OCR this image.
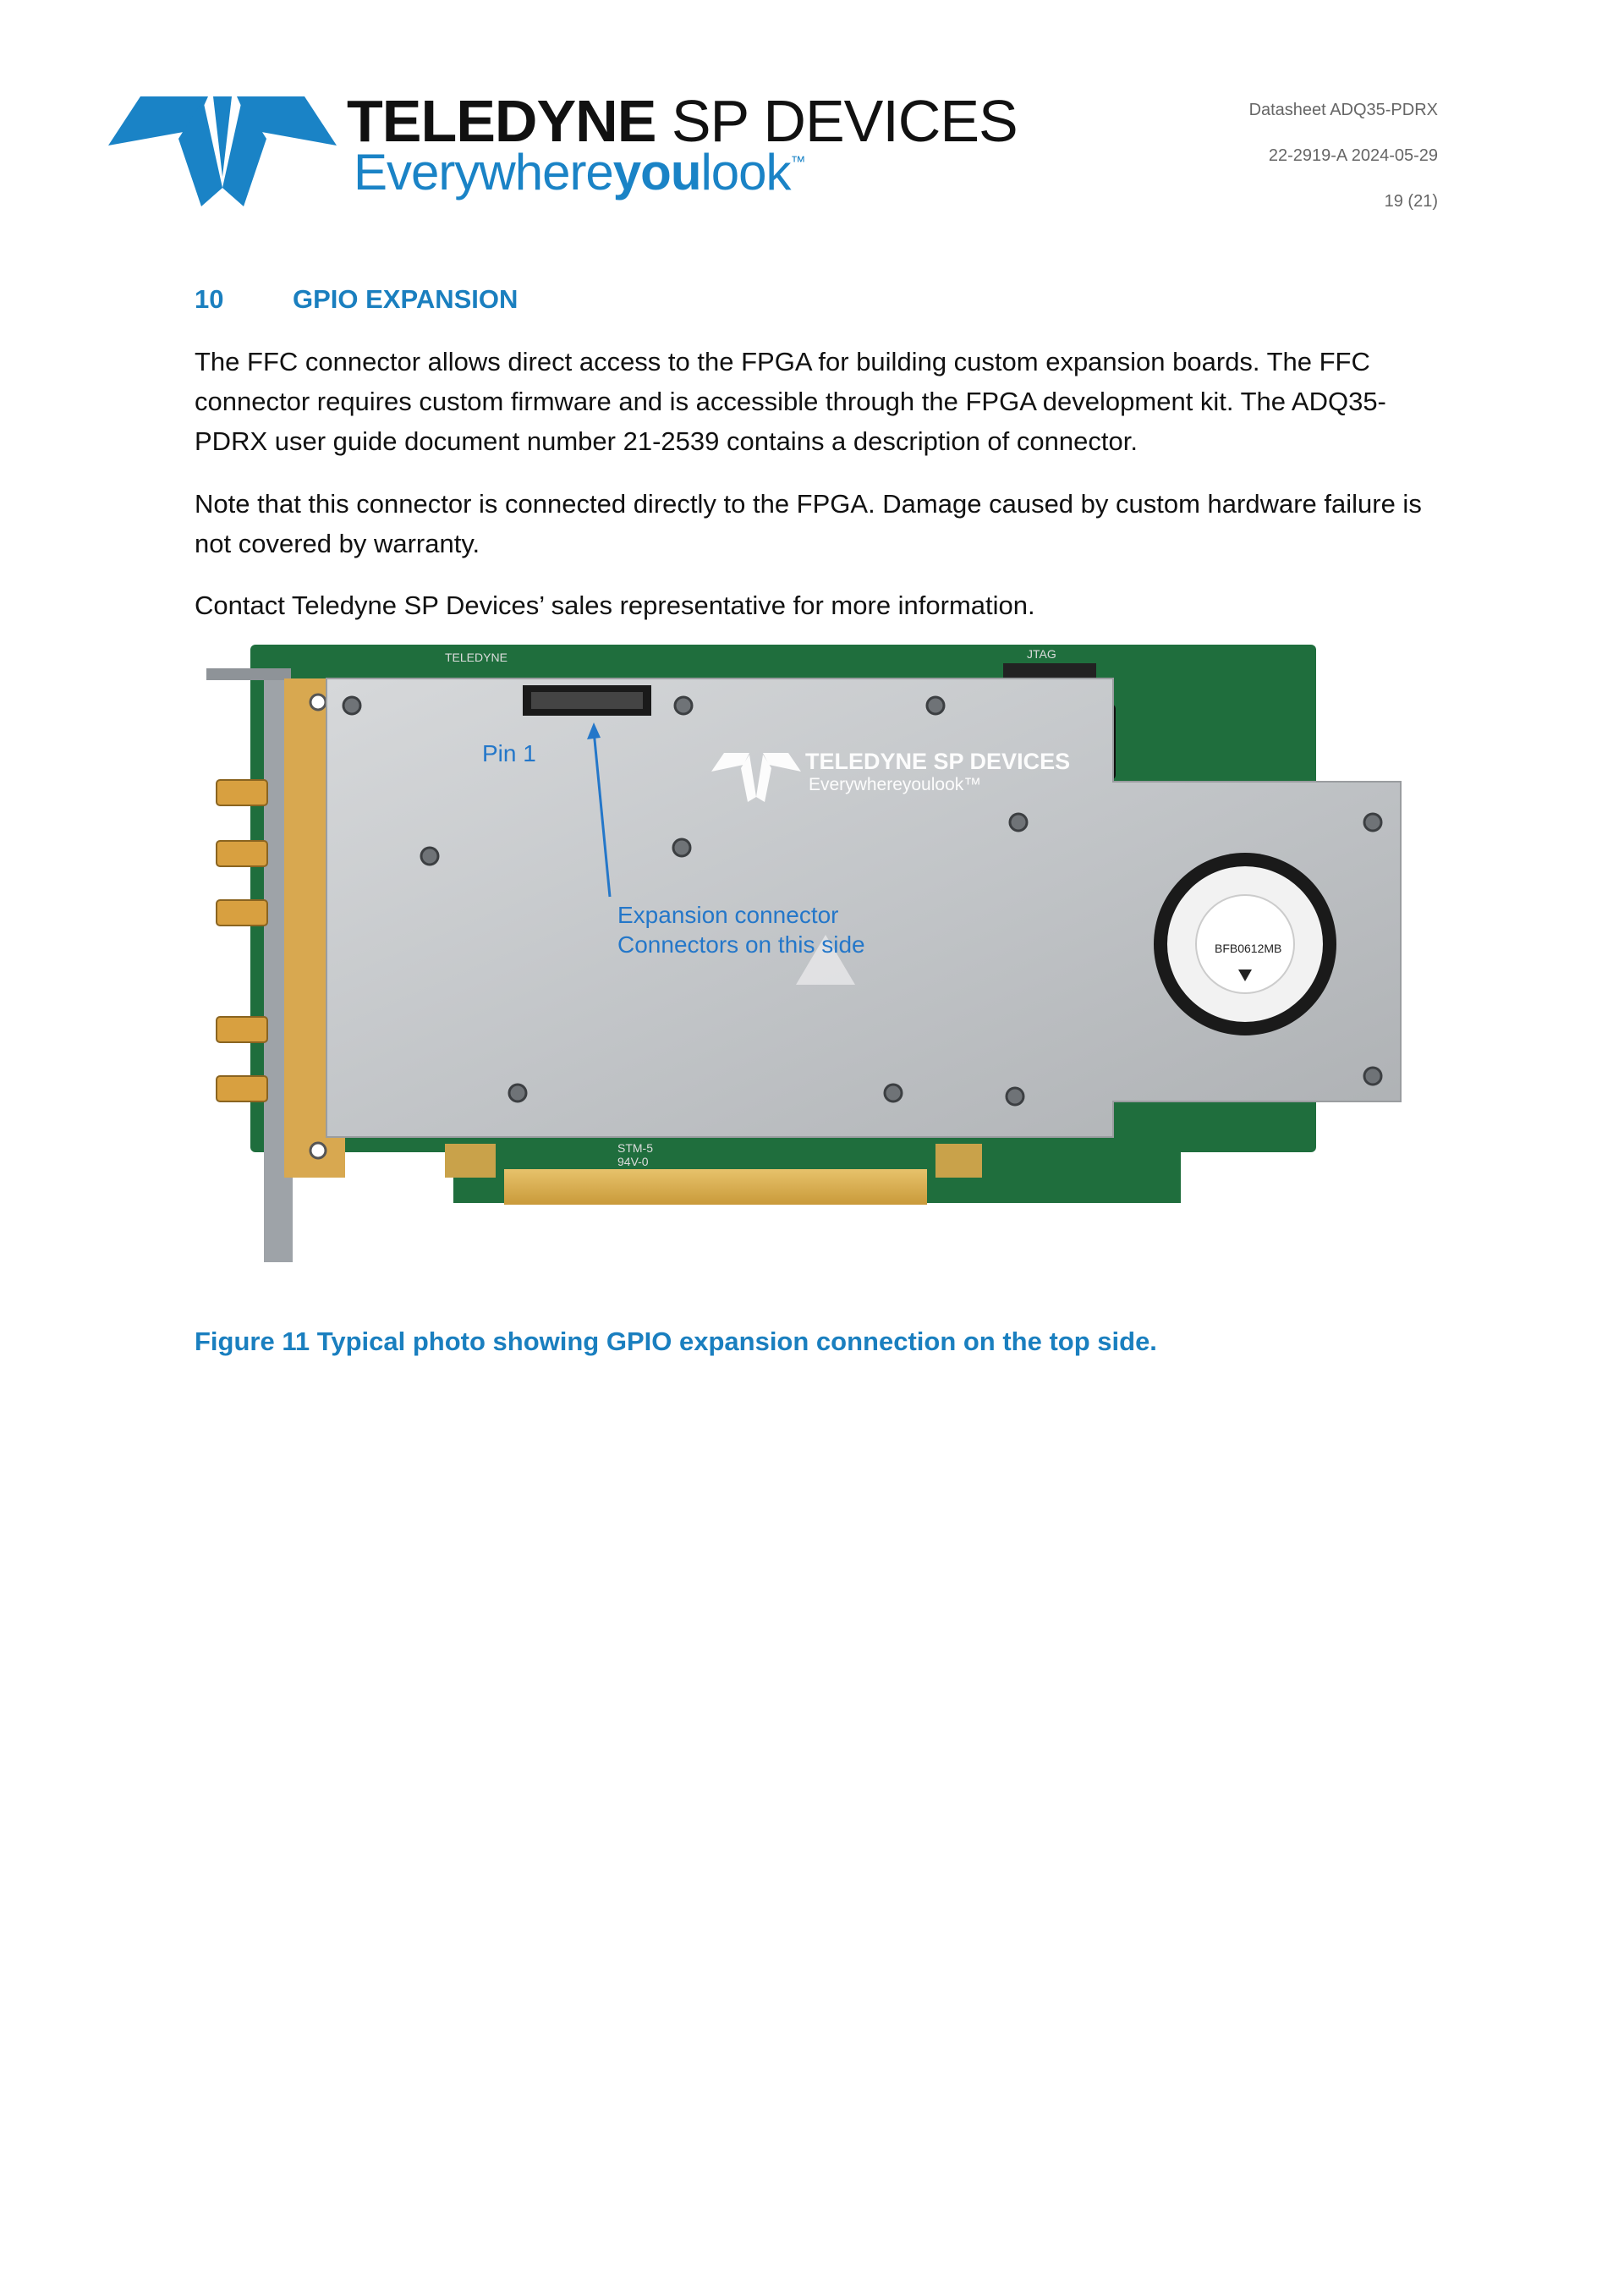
TELEDYNE SP DEVICES
Everywhereyoulook™
Datasheet ADQ35-PDRX
22-2919-A 2024-05-29
19 (21)
10	GPIO EXPANSION

The FFC connector allows direct access to the FPGA for building custom expansion boards. The FFC connector requires custom firmware and is accessible through the FPGA development kit. The ADQ35-PDRX user guide document number 21-2539 contains a description of connector.

Note that this connector is connected directly to the FPGA. Damage caused by custom hardware failure is not covered by warranty.

Contact Teledyne SP Devices’ sales representative for more information.

JTAG
TELEDYNE
TELEDYNE SP DEVICES
Everywhereyoulook™
BFB0612MB
Pin 1
Expansion connector
Connectors on this side
STM-5
94V-0
Figure 11 Typical photo showing GPIO expansion connection on the top side.
